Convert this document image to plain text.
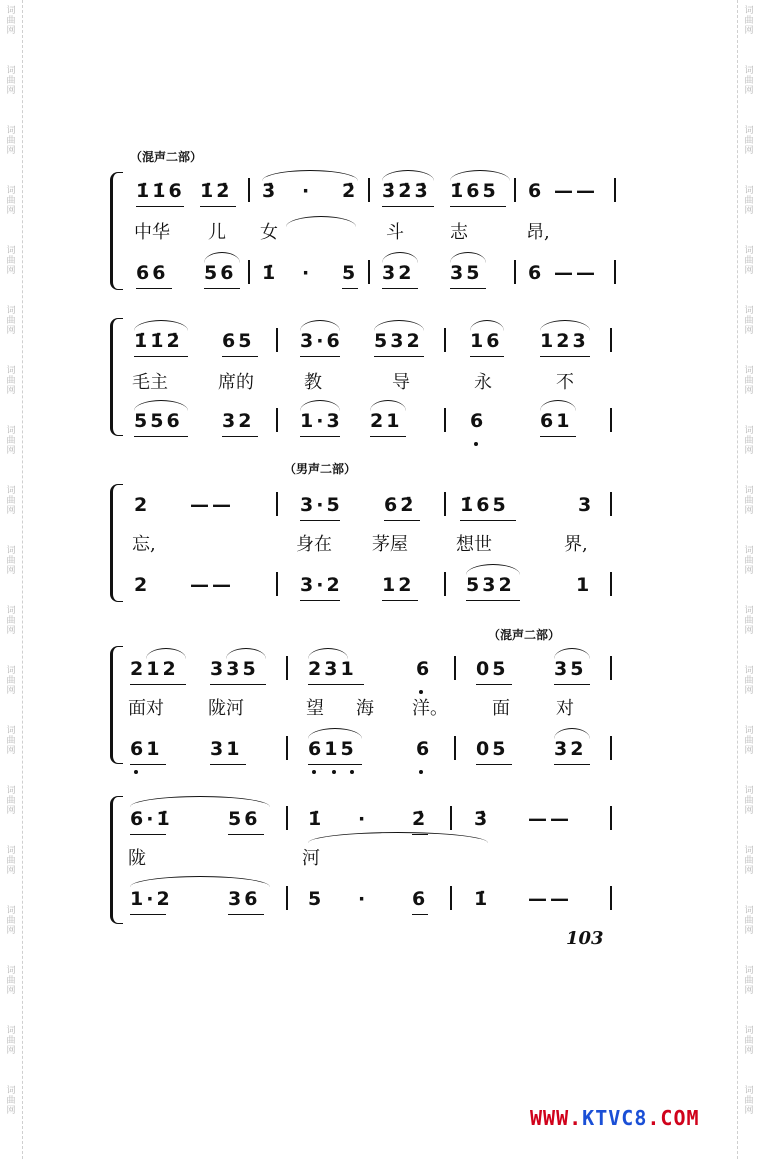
词
曲
网
词
曲
网
词
曲
网
词
曲
网
词
曲
网
词
曲
网
词
曲
网
词
曲
网
词
曲
网
词
曲
网
词
曲
网
词
曲
网
词
曲
网
词
曲
网
词
曲
网
词
曲
网
词
曲
网
词
曲
网
词
曲
网
词
曲
网
词
曲
网
词
曲
网
词
曲
网
词
曲
网
词
曲
网
词
曲
网
词
曲
网
词
曲
网
词
曲
网
词
曲
网
词
曲
网
词
曲
网
词
曲
网
词
曲
网
词
曲
网
词
曲
网
词
曲
网
词
曲
网
（混声二部）
1̇1̇6 1̇2̇ 3̇ · 2̇ 3̇2̇3̇ 1̇65 6 ——
中华 儿 女	斗	志	昂,
66 56 1̇ · 5 32 35 6 ——
1̇1̇2̇ 65 3·6 532 16 123
毛主	席的	教	导	永	不
556 32 1·3 21	6	61
（男声二部）
2 ——	3·5 62̇ 1̇65	3
忘,	身在 茅屋	想世	界,
2 ——	3·2 12	532	1
（混声二部）
212 335	231	6 05 35
面对 陇河	望 海 洋。 面	对
61	31	615	6 05 32
6·1̇	56	1̇ · 2̇ 3̇ ——
陇	河
1·2	36	5 · 6 1̇ ——
103
WWW.KTVC8.COM
